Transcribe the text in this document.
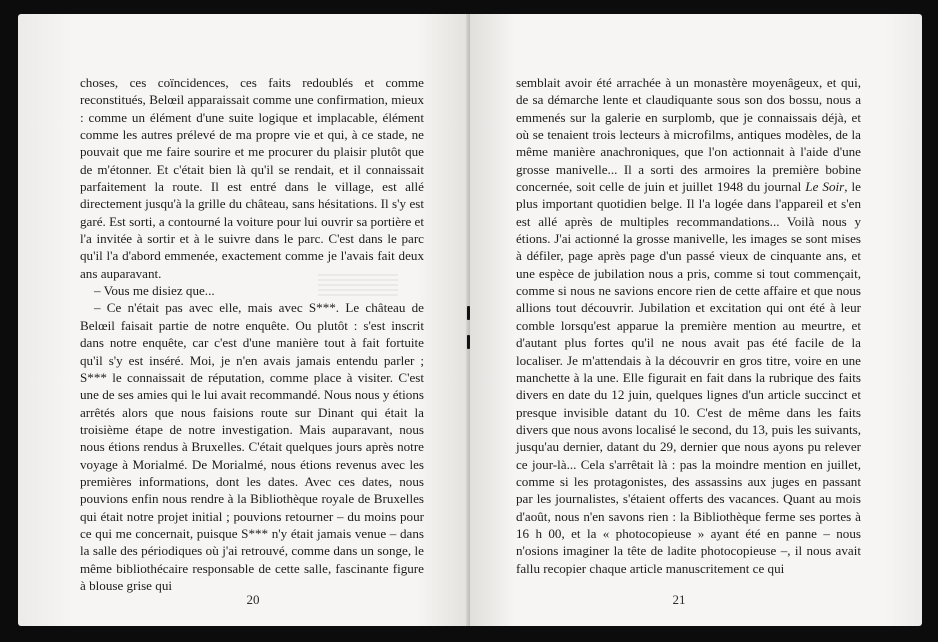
choses, ces coïncidences, ces faits redoublés et comme reconstitués, Belœil apparaissait comme une confirmation, mieux : comme un élément d'une suite logique et implacable, élément comme les autres prélevé de ma propre vie et qui, à ce stade, ne pouvait que me faire sourire et me procurer du plaisir plutôt que de m'étonner. Et c'était bien là qu'il se rendait, et il connaissait parfaitement la route. Il est entré dans le village, est allé directement jusqu'à la grille du château, sans hésitations. Il s'y est garé. Est sorti, a contourné la voiture pour lui ouvrir sa portière et l'a invitée à sortir et à le suivre dans le parc. C'est dans le parc qu'il l'a d'abord emmenée, exactement comme je l'avais fait deux ans auparavant.

– Vous me disiez que...

– Ce n'était pas avec elle, mais avec S***. Le château de Belœil faisait partie de notre enquête. Ou plutôt : s'est inscrit dans notre enquête, car c'est d'une manière tout à fait fortuite qu'il s'y est inséré. Moi, je n'en avais jamais entendu parler ; S*** le connaissait de réputation, comme place à visiter. C'est une de ses amies qui le lui avait recommandé. Nous nous y étions arrêtés alors que nous faisions route sur Dinant qui était la troisième étape de notre investigation. Mais auparavant, nous nous étions rendus à Bruxelles. C'était quelques jours après notre voyage à Morialmé. De Morialmé, nous étions revenus avec les premières informations, dont les dates. Avec ces dates, nous pouvions enfin nous rendre à la Bibliothèque royale de Bruxelles qui était notre projet initial ; pouvions retourner – du moins pour ce qui me concernait, puisque S*** n'y était jamais venue – dans la salle des périodiques où j'ai retrouvé, comme dans un songe, le même bibliothécaire responsable de cette salle, fascinante figure à blouse grise qui

20

semblait avoir été arrachée à un monastère moyenâgeux, et qui, de sa démarche lente et claudiquante sous son dos bossu, nous a emmenés sur la galerie en surplomb, que je connaissais déjà, et où se tenaient trois lecteurs à microfilms, antiques modèles, de la même manière anachroniques, que l'on actionnait à l'aide d'une grosse manivelle... Il a sorti des armoires la première bobine concernée, soit celle de juin et juillet 1948 du journal Le Soir, le plus important quotidien belge. Il l'a logée dans l'appareil et s'en est allé après de multiples recommandations... Voilà nous y étions. J'ai actionné la grosse manivelle, les images se sont mises à défiler, page après page d'un passé vieux de cinquante ans, et une espèce de jubilation nous a pris, comme si tout commençait, comme si nous ne savions encore rien de cette affaire et que nous allions tout découvrir. Jubilation et excitation qui ont été à leur comble lorsqu'est apparue la première mention au meurtre, et d'autant plus fortes qu'il ne nous avait pas été facile de la localiser. Je m'attendais à la découvrir en gros titre, voire en une manchette à la une. Elle figurait en fait dans la rubrique des faits divers en date du 12 juin, quelques lignes d'un article succinct et presque invisible datant du 10. C'est de même dans les faits divers que nous avons localisé le second, du 13, puis les suivants, jusqu'au dernier, datant du 29, dernier que nous ayons pu relever ce jour-là... Cela s'arrêtait là : pas la moindre mention en juillet, comme si les protagonistes, des assassins aux juges en passant par les journalistes, s'étaient offerts des vacances. Quant au mois d'août, nous n'en savons rien : la Bibliothèque ferme ses portes à 16 h 00, et la « photocopieuse » ayant été en panne – nous n'osions imaginer la tête de ladite photocopieuse –, il nous avait fallu recopier chaque article manuscritement ce qui

21
